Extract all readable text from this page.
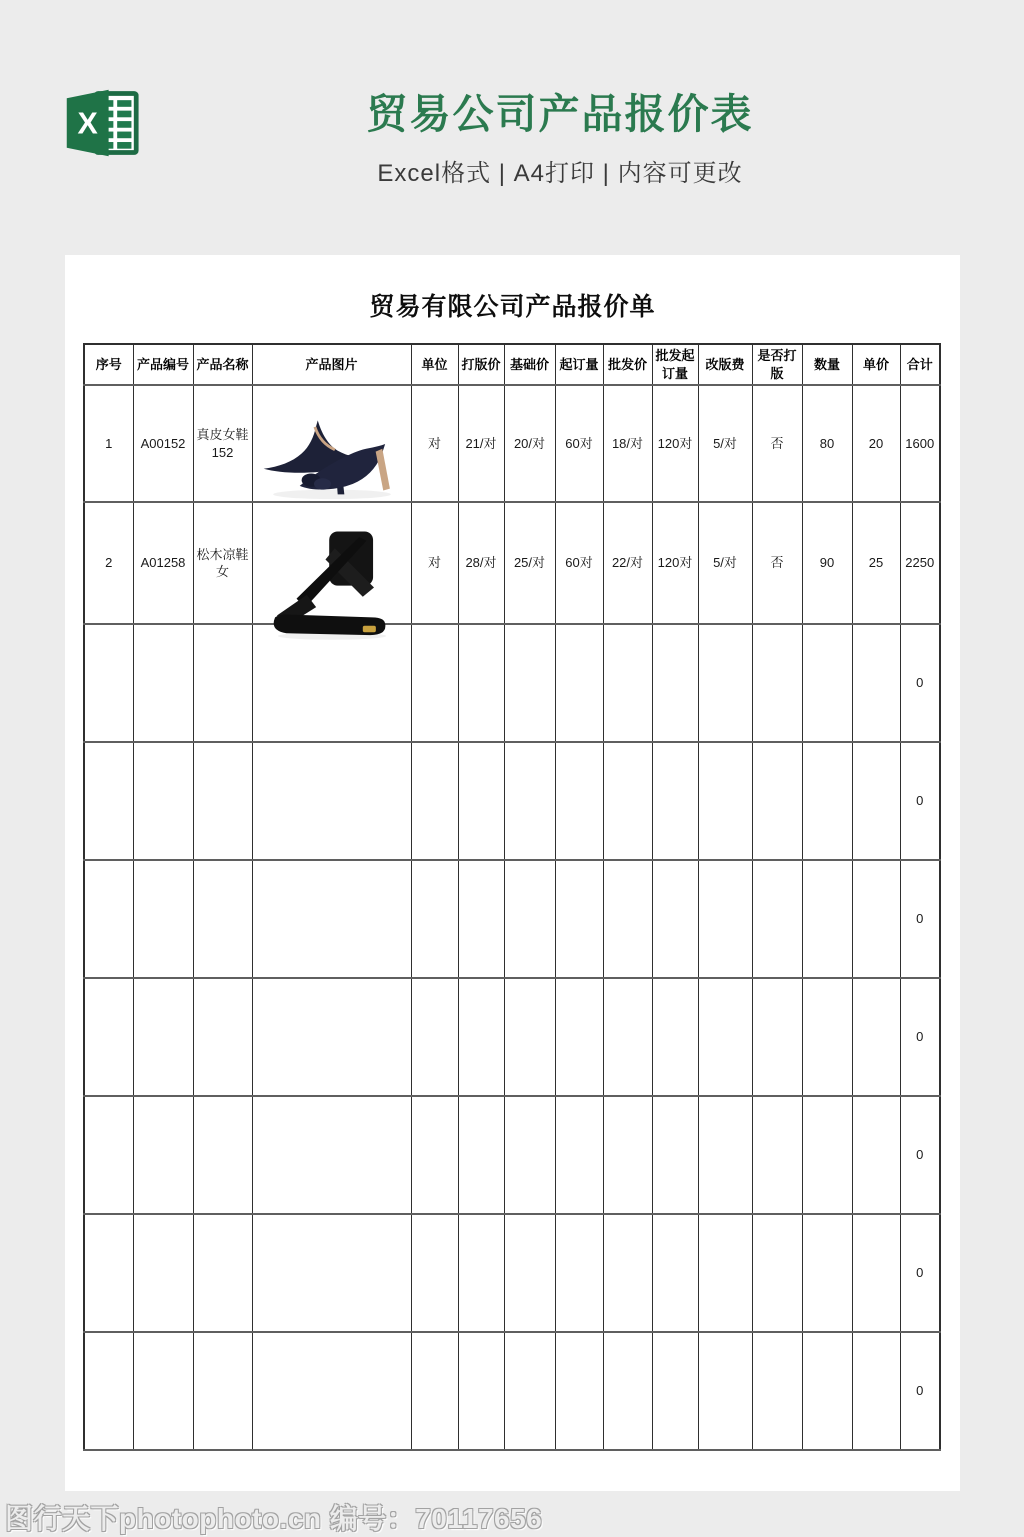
X	贸易公司产品报价表
Excel格式 | A4打印 | 内容可更改
贸易有限公司产品报价单
序号	产品编号	产品名称	产品图片	单位	打版价	基础价	起订量	批发价	批发起订量	改版费	是否打版	数量	单价	合计
1	A00152	真皮女鞋152		对	21/对	20/对	60对	18/对	120对	5/对	否	80	20	1600
2	A01258	松木凉鞋女		对	28/对	25/对	60对	22/对	120对	5/对	否	90	25	2250
														0
														0
														0
														0
														0
														0
														0
图行天下photophoto.cn 编号：70117656
